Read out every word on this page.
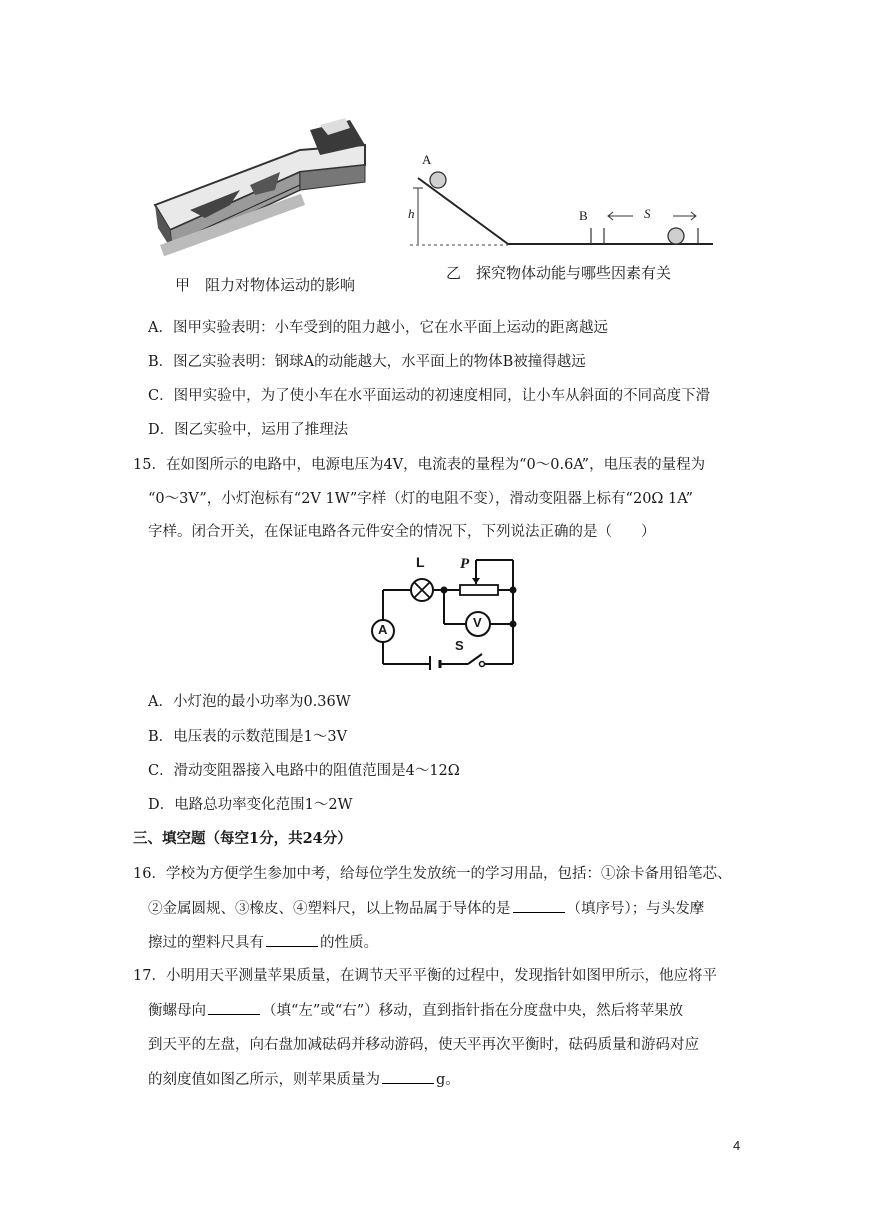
甲　阻力对物体运动的影响
A
h	B	S
乙　探究物体动能与哪些因素有关
A．图甲实验表明：小车受到的阻力越小，它在水平面上运动的距离越远
B．图乙实验表明：钢球A的动能越大，水平面上的物体B被撞得越远
C．图甲实验中，为了使小车在水平面运动的初速度相同，让小车从斜面的不同高度下滑
D．图乙实验中，运用了推理法
15．在如图所示的电路中，电源电压为4V，电流表的量程为“0～0.6A”，电压表的量程为
“0～3V”，小灯泡标有“2V 1W”字样（灯的电阻不变），滑动变阻器上标有“20Ω 1A”
字样。闭合开关，在保证电路各元件安全的情况下，下列说法正确的是（　　）
L P
A	V
S
A．小灯泡的最小功率为0.36W
B．电压表的示数范围是1～3V
C．滑动变阻器接入电路中的阻值范围是4～12Ω
D．电路总功率变化范围1～2W
三、填空题（每空1分，共24分）
16．学校为方便学生参加中考，给每位学生发放统一的学习用品，包括：①涂卡备用铅笔芯、
②金属圆规、③橡皮、④塑料尺，以上物品属于导体的是	（填序号）；与头发摩
擦过的塑料尺具有	的性质。
17．小明用天平测量苹果质量，在调节天平平衡的过程中，发现指针如图甲所示，他应将平
衡螺母向	（填“左”或“右”）移动，直到指针指在分度盘中央，然后将苹果放
到天平的左盘，向右盘加减砝码并移动游码，使天平再次平衡时，砝码质量和游码对应
的刻度值如图乙所示，则苹果质量为	g。
4
